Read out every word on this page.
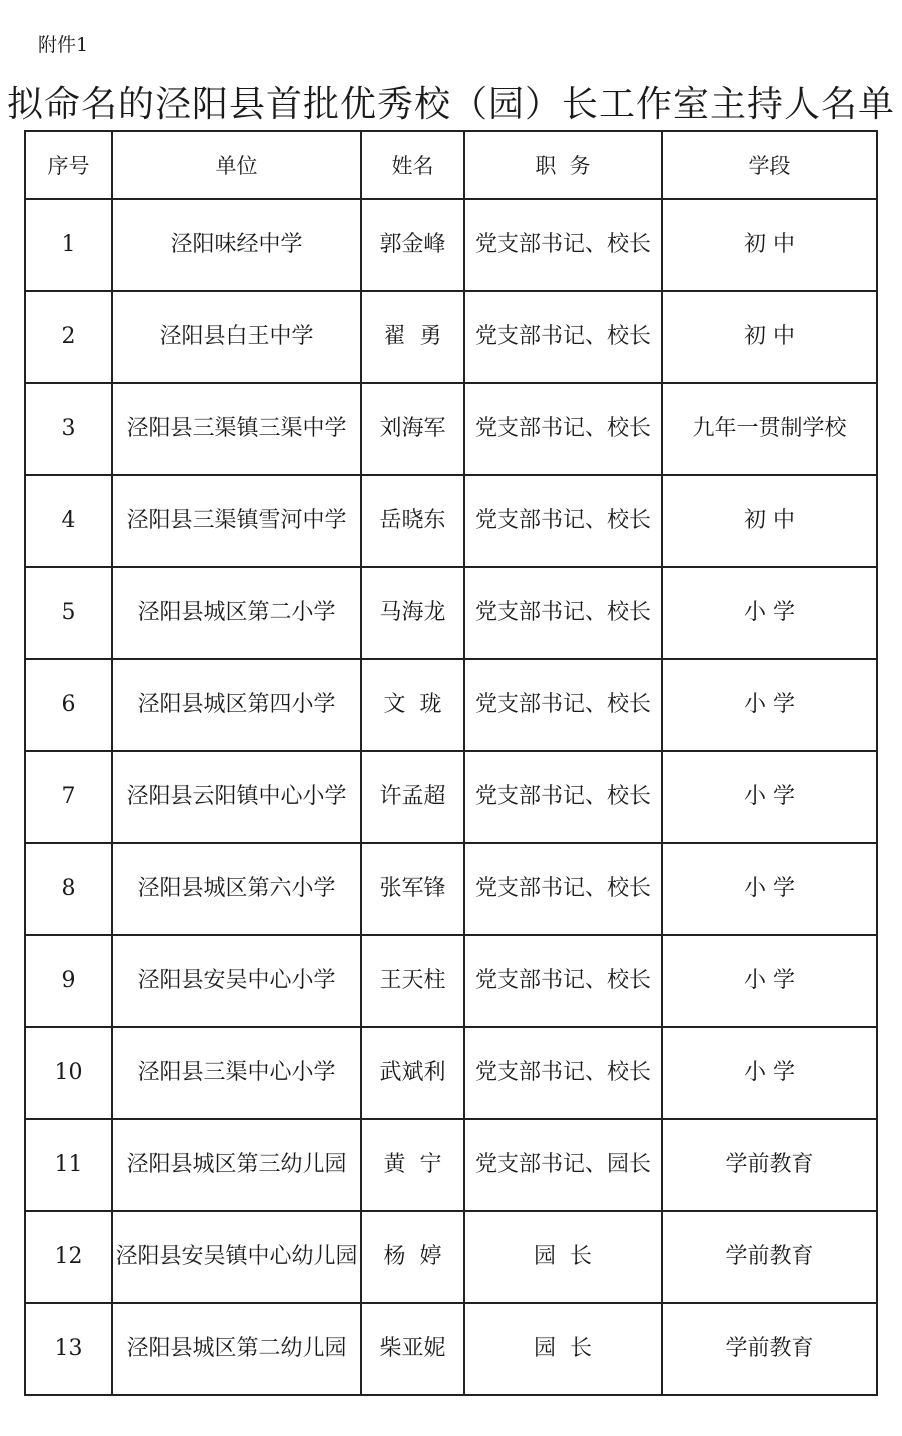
附件1
拟命名的泾阳县首批优秀校（园）长工作室主持人名单
序号	单位	姓名	职  务	学段
1	泾阳味经中学	郭金峰	党支部书记、校长	初 中
2	泾阳县白王中学	翟  勇	党支部书记、校长	初 中
3	泾阳县三渠镇三渠中学	刘海军	党支部书记、校长	九年一贯制学校
4	泾阳县三渠镇雪河中学	岳晓东	党支部书记、校长	初 中
5	泾阳县城区第二小学	马海龙	党支部书记、校长	小 学
6	泾阳县城区第四小学	文  珑	党支部书记、校长	小 学
7	泾阳县云阳镇中心小学	许孟超	党支部书记、校长	小 学
8	泾阳县城区第六小学	张军锋	党支部书记、校长	小 学
9	泾阳县安吴中心小学	王天柱	党支部书记、校长	小 学
10	泾阳县三渠中心小学	武斌利	党支部书记、校长	小 学
11	泾阳县城区第三幼儿园	黄  宁	党支部书记、园长	学前教育
12	泾阳县安吴镇中心幼儿园	杨  婷	园  长	学前教育
13	泾阳县城区第二幼儿园	柴亚妮	园  长	学前教育
